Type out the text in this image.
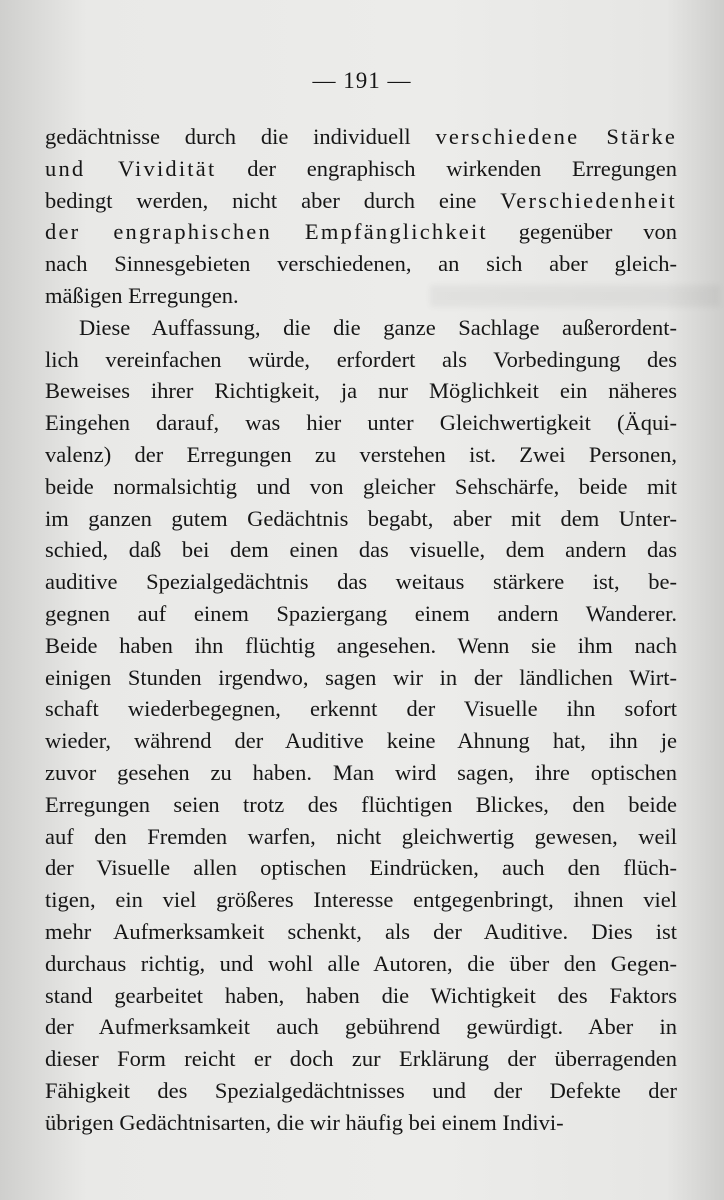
— 191 —
gedächtnisse durch die individuell verschiedene Stärke
und Vividität der engraphisch wirkenden Erregungen
bedingt werden, nicht aber durch eine Verschiedenheit
der engraphischen Empfänglichkeit gegenüber von
nach Sinnesgebieten verschiedenen, an sich aber gleich-
mäßigen Erregungen.
Diese Auffassung, die die ganze Sachlage außerordent-
lich vereinfachen würde, erfordert als Vorbedingung des
Beweises ihrer Richtigkeit, ja nur Möglichkeit ein näheres
Eingehen darauf, was hier unter Gleichwertigkeit (Äqui-
valenz) der Erregungen zu verstehen ist. Zwei Personen,
beide normalsichtig und von gleicher Sehschärfe, beide mit
im ganzen gutem Gedächtnis begabt, aber mit dem Unter-
schied, daß bei dem einen das visuelle, dem andern das
auditive Spezialgedächtnis das weitaus stärkere ist, be-
gegnen auf einem Spaziergang einem andern Wanderer.
Beide haben ihn flüchtig angesehen. Wenn sie ihm nach
einigen Stunden irgendwo, sagen wir in der ländlichen Wirt-
schaft wiederbegegnen, erkennt der Visuelle ihn sofort
wieder, während der Auditive keine Ahnung hat, ihn je
zuvor gesehen zu haben. Man wird sagen, ihre optischen
Erregungen seien trotz des flüchtigen Blickes, den beide
auf den Fremden warfen, nicht gleichwertig gewesen, weil
der Visuelle allen optischen Eindrücken, auch den flüch-
tigen, ein viel größeres Interesse entgegenbringt, ihnen viel
mehr Aufmerksamkeit schenkt, als der Auditive. Dies ist
durchaus richtig, und wohl alle Autoren, die über den Gegen-
stand gearbeitet haben, haben die Wichtigkeit des Faktors
der Aufmerksamkeit auch gebührend gewürdigt. Aber in
dieser Form reicht er doch zur Erklärung der überragenden
Fähigkeit des Spezialgedächtnisses und der Defekte der
übrigen Gedächtnisarten, die wir häufig bei einem Indivi-
